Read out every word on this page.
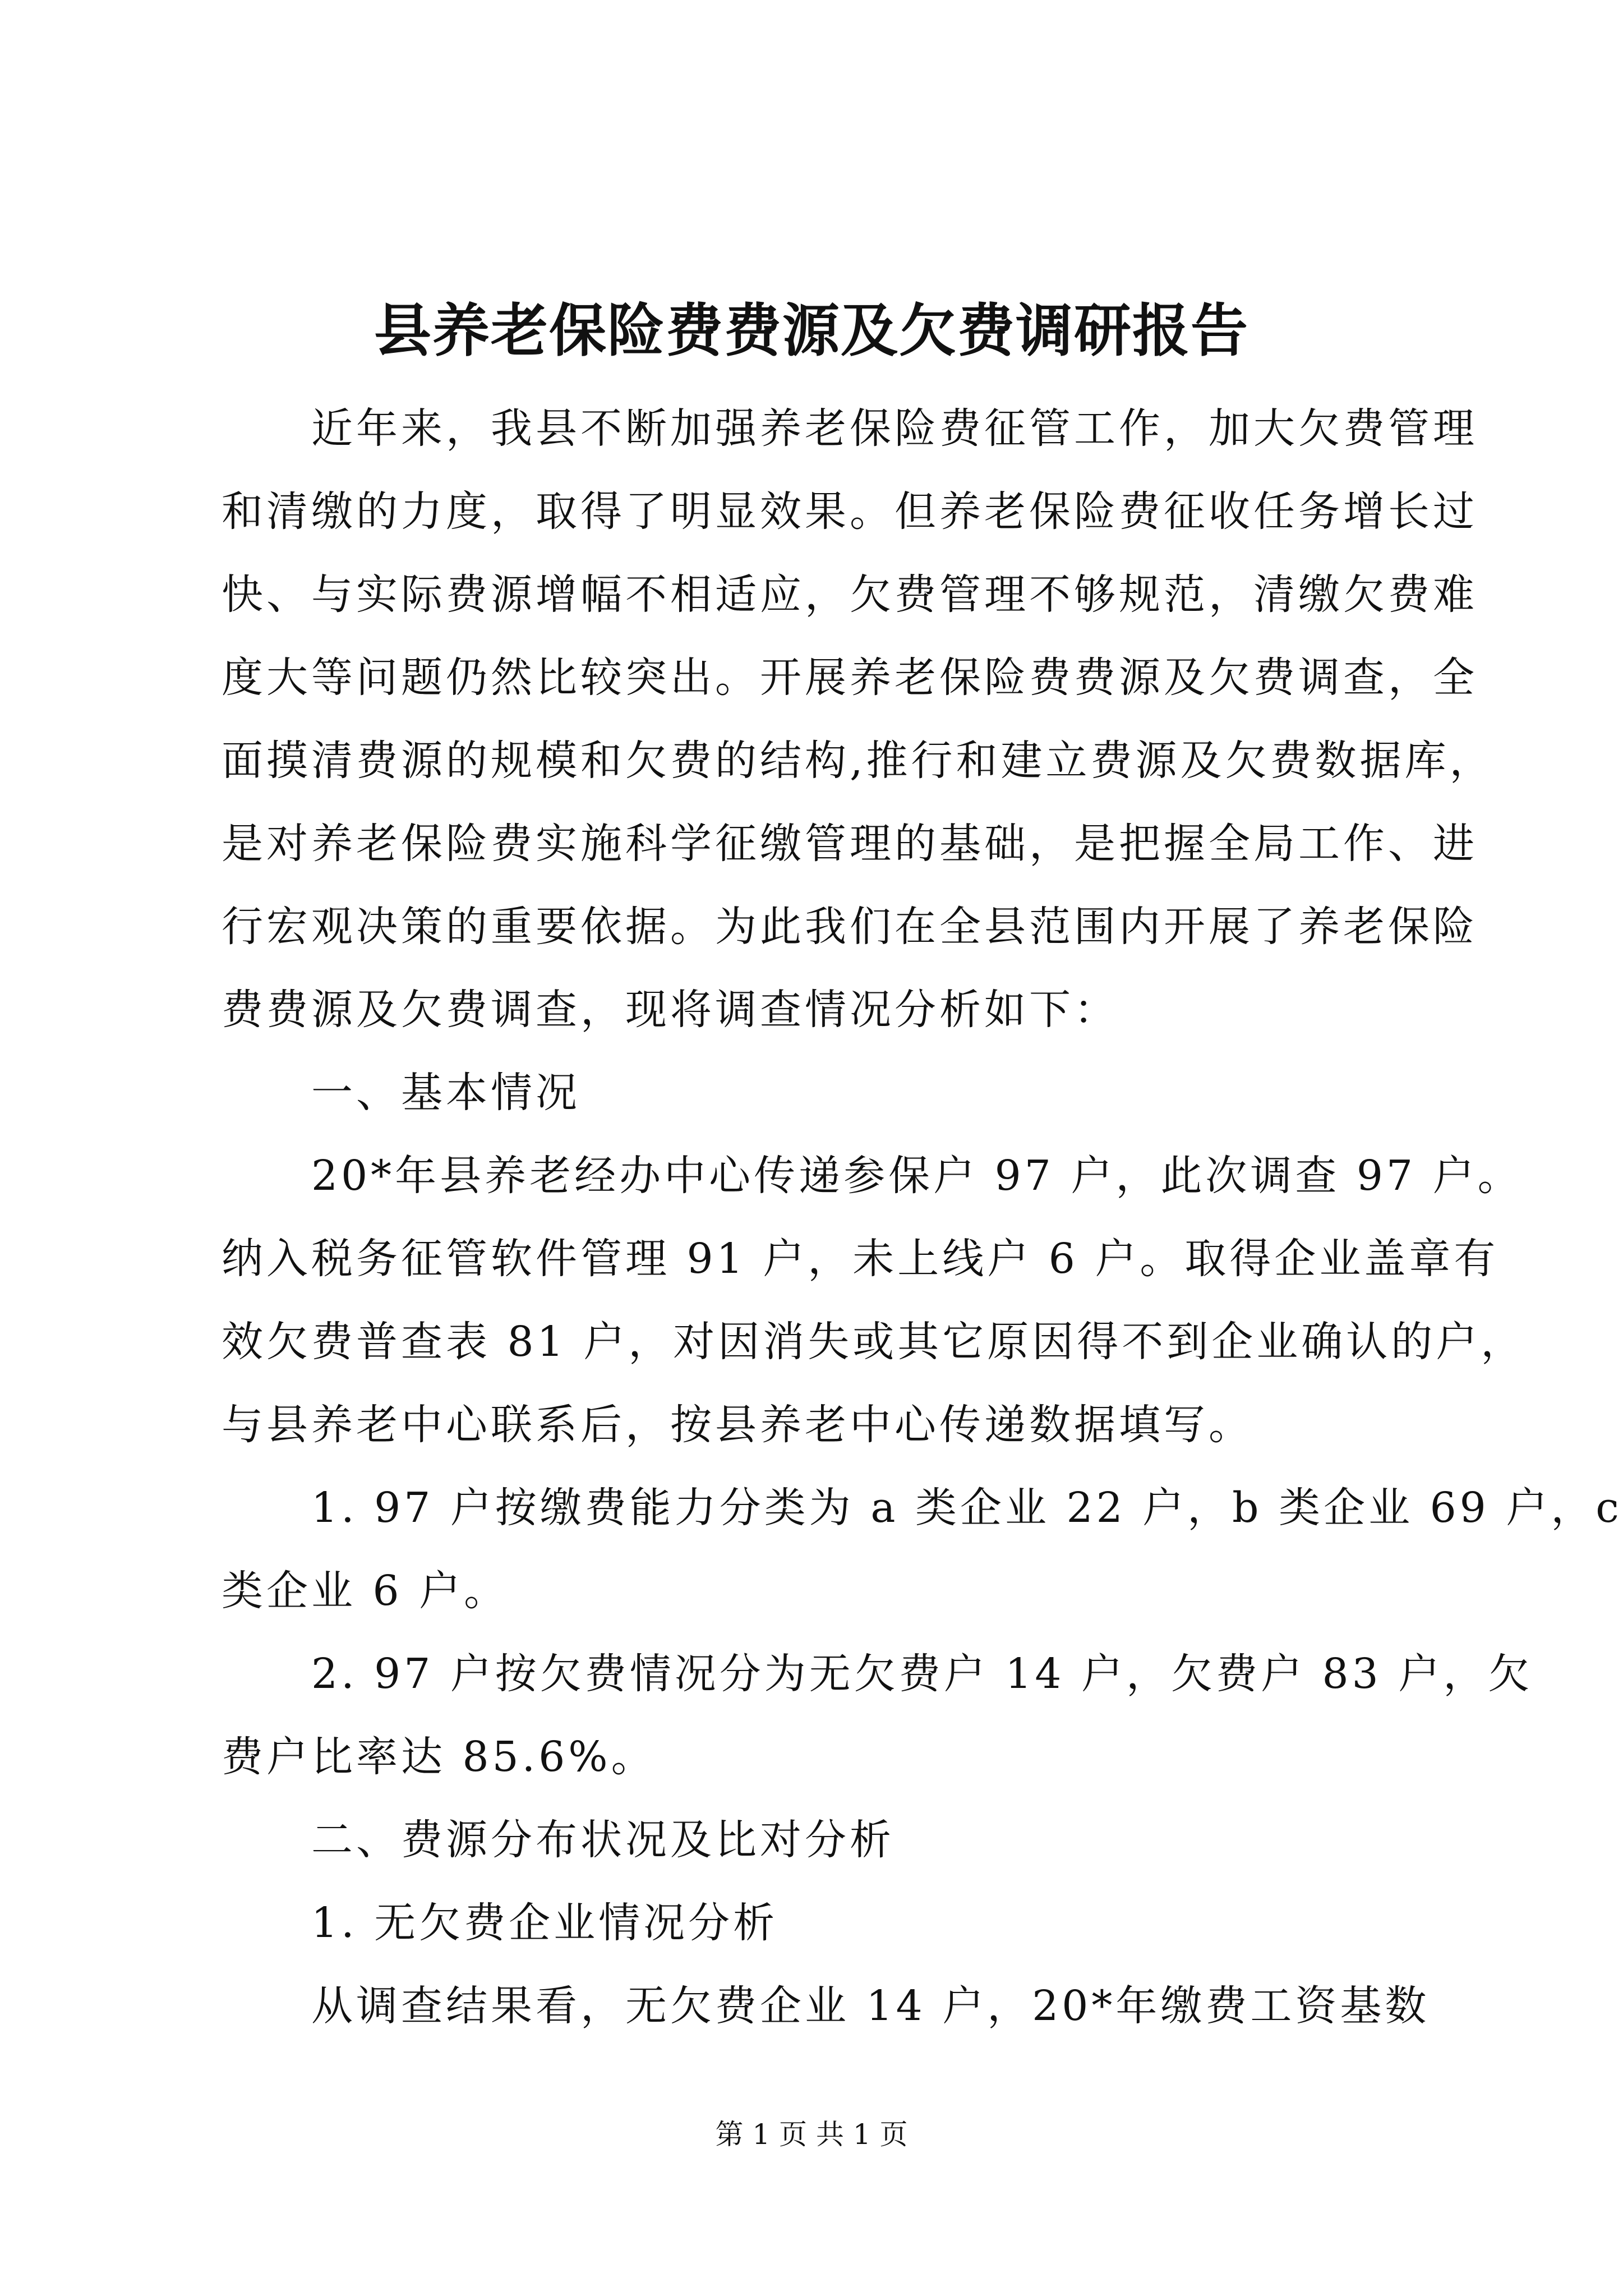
县养老保险费费源及欠费调研报告

　　近年来，我县不断加强养老保险费征管工作，加大欠费管理
和清缴的力度，取得了明显效果。但养老保险费征收任务增长过
快、与实际费源增幅不相适应，欠费管理不够规范，清缴欠费难
度大等问题仍然比较突出。开展养老保险费费源及欠费调查，全
面摸清费源的规模和欠费的结构,推行和建立费源及欠费数据库，
是对养老保险费实施科学征缴管理的基础，是把握全局工作、进
行宏观决策的重要依据。为此我们在全县范围内开展了养老保险
费费源及欠费调查，现将调查情况分析如下：

　　一、基本情况

　　20*年县养老经办中心传递参保户 97 户，此次调查 97 户。
纳入税务征管软件管理 91 户，未上线户 6 户。取得企业盖章有
效欠费普查表 81 户，对因消失或其它原因得不到企业确认的户，
与县养老中心联系后，按县养老中心传递数据填写。

　　1. 97 户按缴费能力分类为 a 类企业 22 户，b 类企业 69 户，c
类企业 6 户。

　　2. 97 户按欠费情况分为无欠费户 14 户，欠费户 83 户，欠
费户比率达 85.6%。

　　二、费源分布状况及比对分析

　　1. 无欠费企业情况分析

　　从调查结果看，无欠费企业 14 户，20*年缴费工资基数

第 1 页 共 1 页
